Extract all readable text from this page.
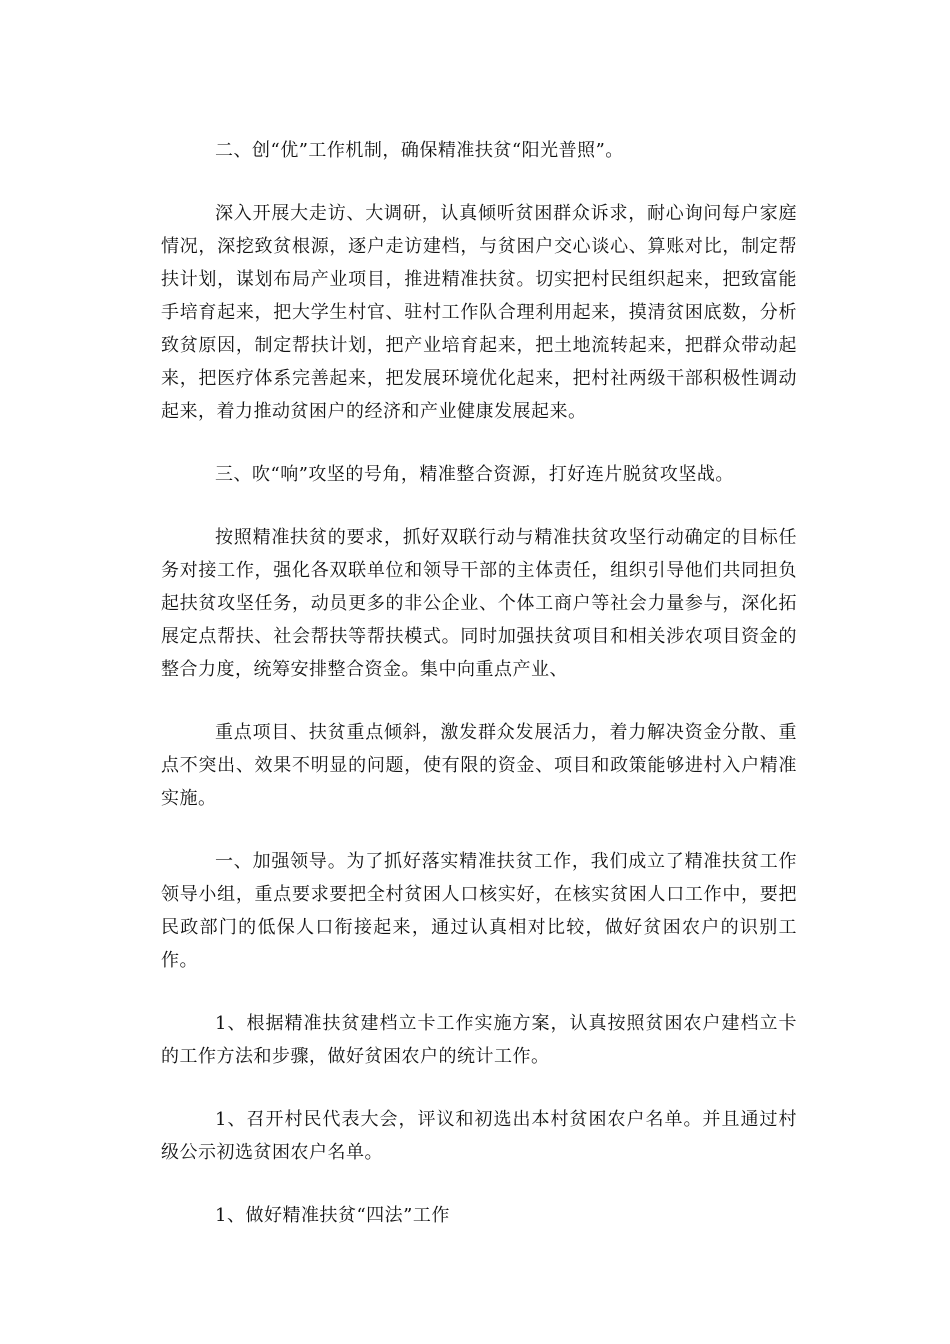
二、创“优”工作机制，确保精准扶贫“阳光普照”。

深入开展大走访、大调研，认真倾听贫困群众诉求，耐心询问每户家庭情况，深挖致贫根源，逐户走访建档，与贫困户交心谈心、算账对比，制定帮扶计划，谋划布局产业项目，推进精准扶贫。切实把村民组织起来，把致富能手培育起来，把大学生村官、驻村工作队合理利用起来，摸清贫困底数，分析致贫原因，制定帮扶计划，把产业培育起来，把土地流转起来，把群众带动起来，把医疗体系完善起来，把发展环境优化起来，把村社两级干部积极性调动起来，着力推动贫困户的经济和产业健康发展起来。

三、吹“响”攻坚的号角，精准整合资源，打好连片脱贫攻坚战。

按照精准扶贫的要求，抓好双联行动与精准扶贫攻坚行动确定的目标任务对接工作，强化各双联单位和领导干部的主体责任，组织引导他们共同担负起扶贫攻坚任务，动员更多的非公企业、个体工商户等社会力量参与，深化拓展定点帮扶、社会帮扶等帮扶模式。同时加强扶贫项目和相关涉农项目资金的整合力度，统筹安排整合资金。集中向重点产业、

重点项目、扶贫重点倾斜，激发群众发展活力，着力解决资金分散、重点不突出、效果不明显的问题，使有限的资金、项目和政策能够进村入户精准实施。

一、加强领导。为了抓好落实精准扶贫工作，我们成立了精准扶贫工作领导小组，重点要求要把全村贫困人口核实好，在核实贫困人口工作中，要把民政部门的低保人口衔接起来，通过认真相对比较，做好贫困农户的识别工作。

1、根据精准扶贫建档立卡工作实施方案，认真按照贫困农户建档立卡的工作方法和步骤，做好贫困农户的统计工作。

1、召开村民代表大会，评议和初选出本村贫困农户名单。并且通过村级公示初选贫困农户名单。

1、做好精准扶贫“四法”工作
